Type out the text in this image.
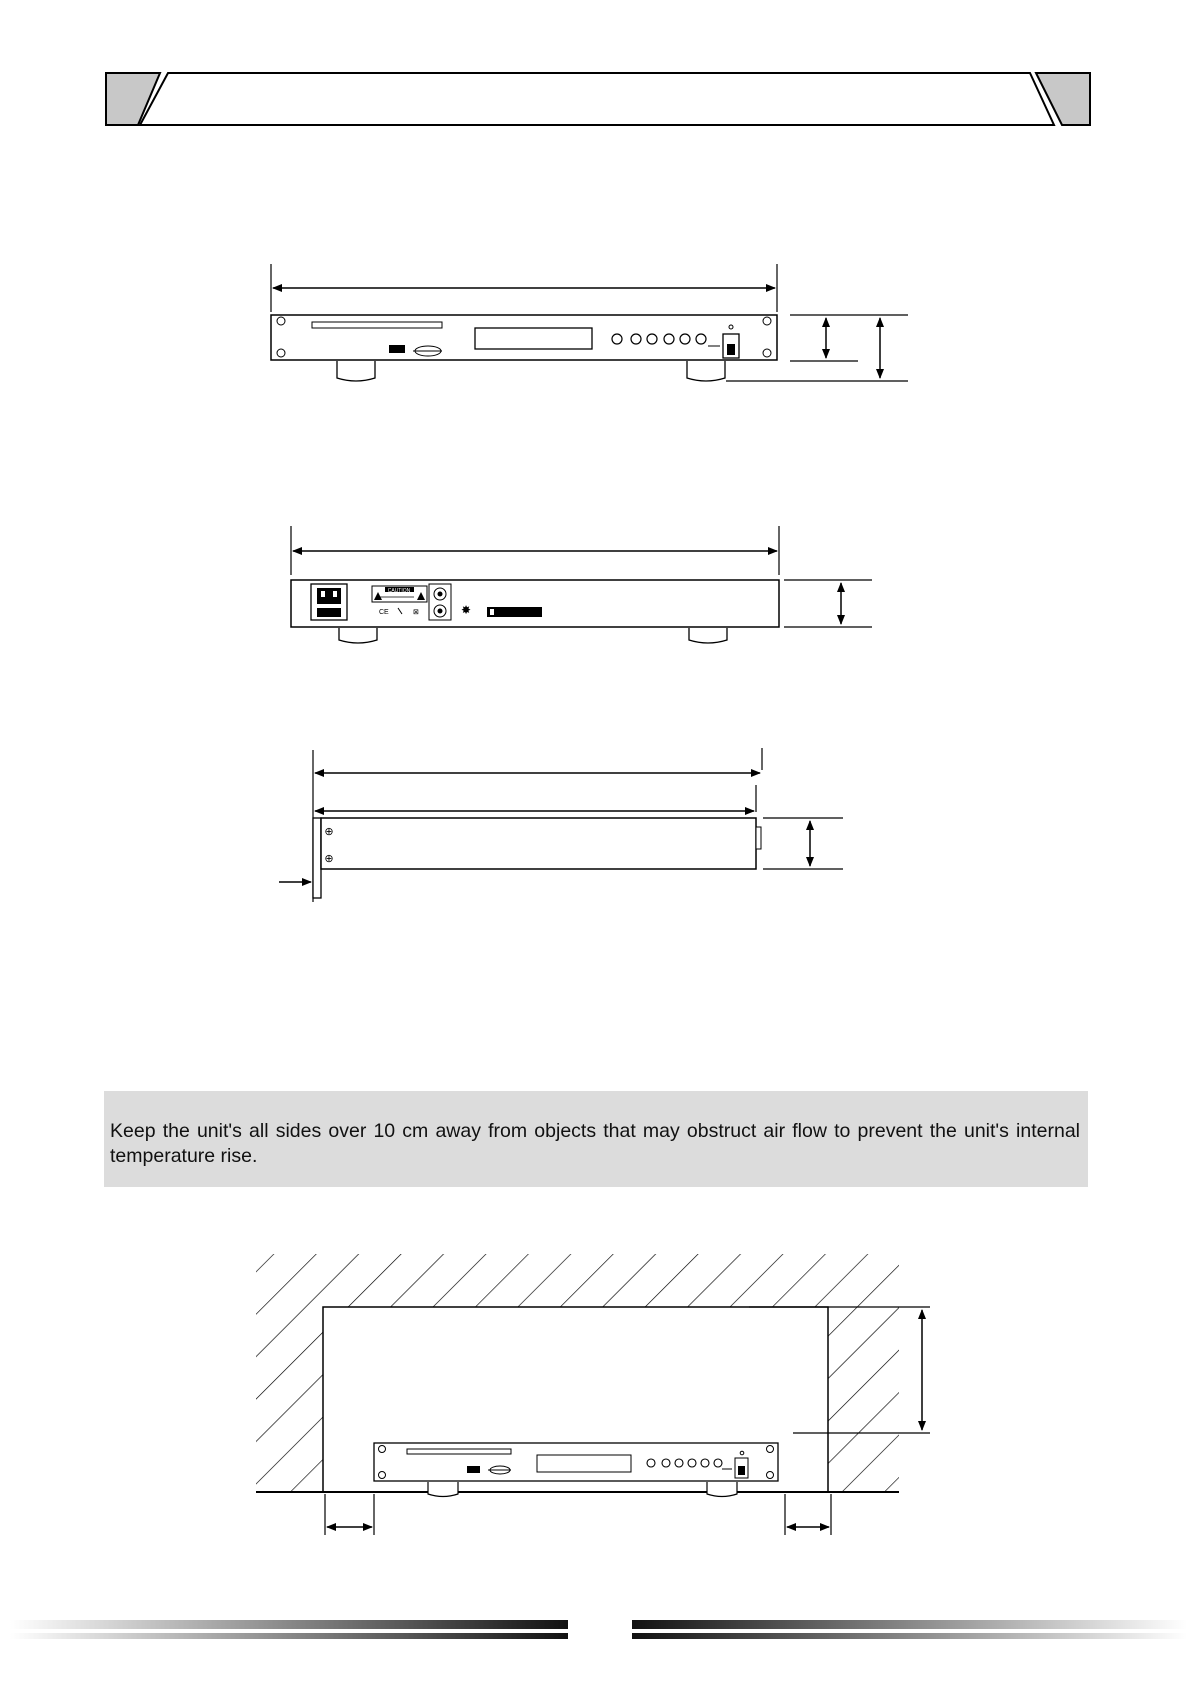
CAUTION
CE	⊠	✸
⊕
⊕

Keep the unit's all sides over 10 cm away from objects that may obstruct air flow to prevent the unit's internal temperature rise.
